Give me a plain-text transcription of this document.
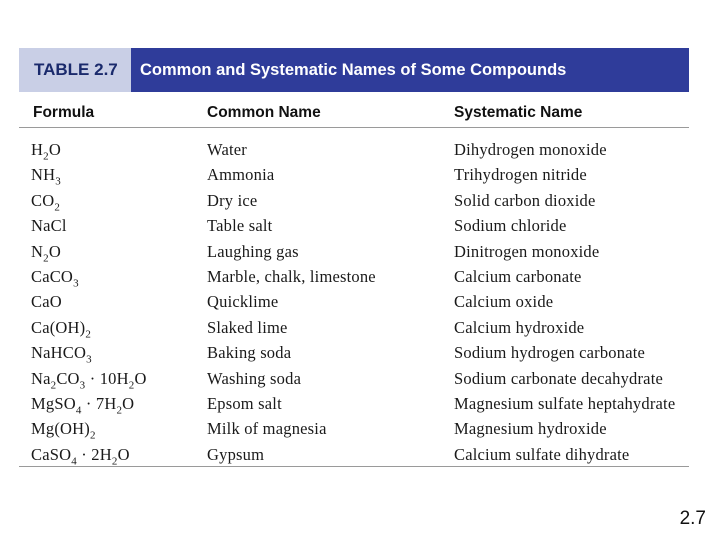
TABLE 2.7	Common and Systematic Names of Some Compounds
Formula	Common Name	Systematic Name
$H_2O$	Water	Dihydrogen monoxide
$NH_3$	Ammonia	Trihydrogen nitride
$CO_2$	Dry ice	Solid carbon dioxide
NaCl	Table salt	Sodium chloride
$N_2O$	Laughing gas	Dinitrogen monoxide
CaCO$_3$	Marble, chalk, limestone	Calcium carbonate
CaO	Quicklime	Calcium oxide
$Ca(OH)_2$	Slaked lime	Calcium hydroxide
NaHCO$_3$	Baking soda	Sodium hydrogen carbonate
$Na_2CO_3 \cdot 10H_2O$	Washing soda	Sodium carbonate decahydrate
MgSO$_4$ · $7H_2O$	Epsom salt	Magnesium sulfate heptahydrate
$Mg(OH)_2$	Milk of magnesia	Magnesium hydroxide
CaSO$_4$ · $2H_2O$	Gypsum	Calcium sulfate dihydrate
2.7
